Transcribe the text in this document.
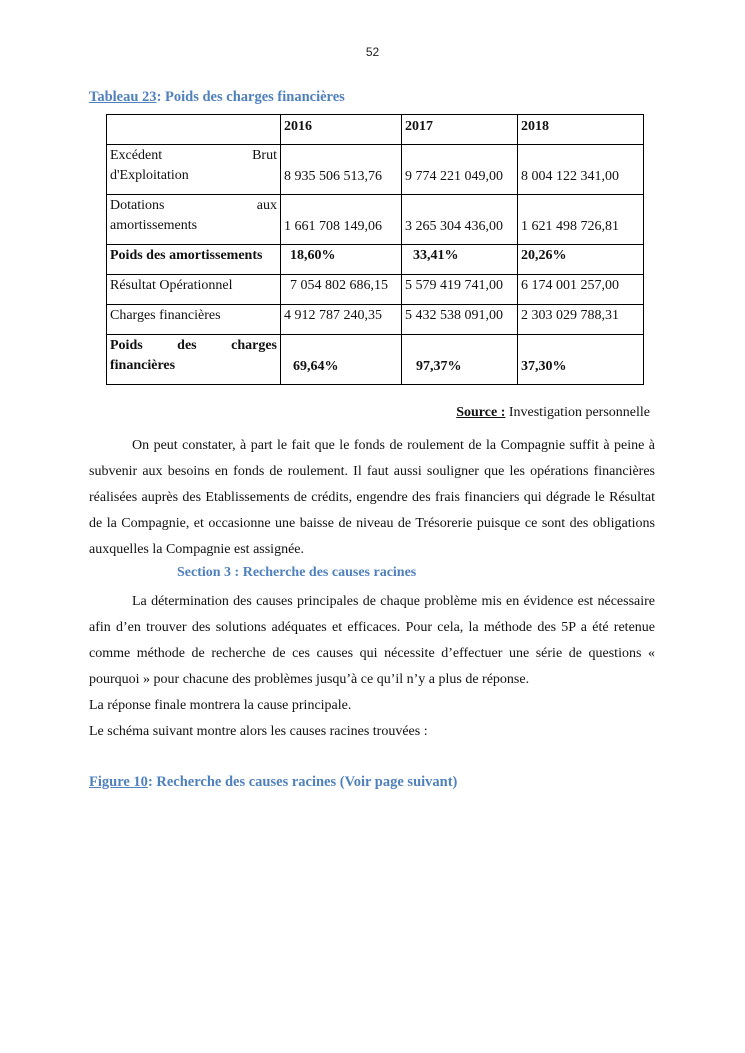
52
Tableau 23: Poids des charges financières
	2016	2017	2018

Excédent Brut
d'Exploitation	8 935 506 513,76	9 774 221 049,00	8 004 122 341,00

Dotations aux
amortissements	1 661 708 149,06	3 265 304 436,00	1 621 498 726,81
Poids des amortissements	18,60%	33,41%	20,26%
Résultat Opérationnel	7 054 802 686,15	5 579 419 741,00	6 174 001 257,00
Charges financières	4 912 787 240,35	5 432 538 091,00	2 303 029 788,31

Poids des charges
financières	69,64%	97,37%	37,30%
Source : Investigation personnelle

On peut constater, à part le fait que le fonds de roulement de la Compagnie suffit à peine à subvenir aux besoins en fonds de roulement. Il faut aussi souligner que les opérations financières réalisées auprès des Etablissements de crédits, engendre des frais financiers qui dégrade le Résultat de la Compagnie, et occasionne une baisse de niveau de Trésorerie puisque ce sont des obligations auxquelles la Compagnie est assignée.

Section 3 : Recherche des causes racines

La détermination des causes principales de chaque problème mis en évidence est nécessaire afin d’en trouver des solutions adéquates et efficaces. Pour cela, la méthode des 5P a été retenue comme méthode de recherche de ces causes qui nécessite d’effectuer une série de questions « pourquoi » pour chacune des problèmes jusqu’à ce qu’il n’y a plus de réponse.

La réponse finale montrera la cause principale.

Le schéma suivant montre alors les causes racines trouvées :

Figure 10: Recherche des causes racines (Voir page suivant)
